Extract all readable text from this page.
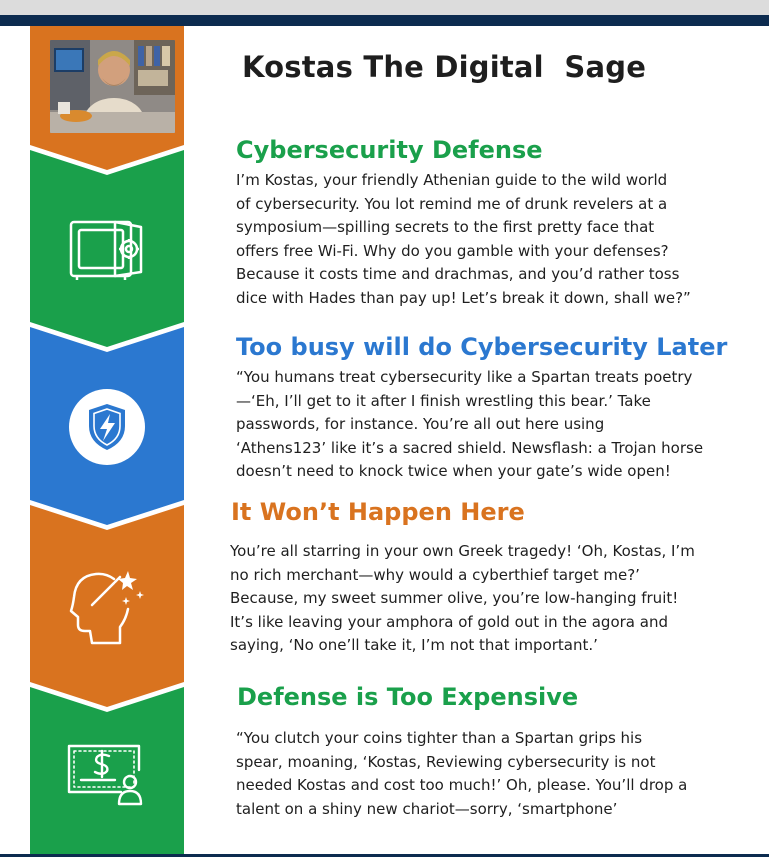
Kostas The Digital  Sage
Cybersecurity Defense
I’m Kostas, your friendly Athenian guide to the wild world
of cybersecurity. You lot remind me of drunk revelers at a
symposium—spilling secrets to the first pretty face that
offers free Wi-Fi. Why do you gamble with your defenses?
Because it costs time and drachmas, and you’d rather toss
dice with Hades than pay up! Let’s break it down, shall we?”
Too busy will do Cybersecurity Later
“You humans treat cybersecurity like a Spartan treats poetry
—‘Eh, I’ll get to it after I finish wrestling this bear.’ Take
passwords, for instance. You’re all out here using
‘Athens123’ like it’s a sacred shield. Newsflash: a Trojan horse
doesn’t need to knock twice when your gate’s wide open!
It Won’t Happen Here
You’re all starring in your own Greek tragedy! ‘Oh, Kostas, I’m
no rich merchant—why would a cyberthief target me?’
Because, my sweet summer olive, you’re low-hanging fruit!
It’s like leaving your amphora of gold out in the agora and
saying, ‘No one’ll take it, I’m not that important.’
Defense is Too Expensive
“You clutch your coins tighter than a Spartan grips his
spear, moaning, ‘Kostas, Reviewing cybersecurity is not
needed Kostas and cost too much!’ Oh, please. You’ll drop a
talent on a shiny new chariot—sorry, ‘smartphone’
